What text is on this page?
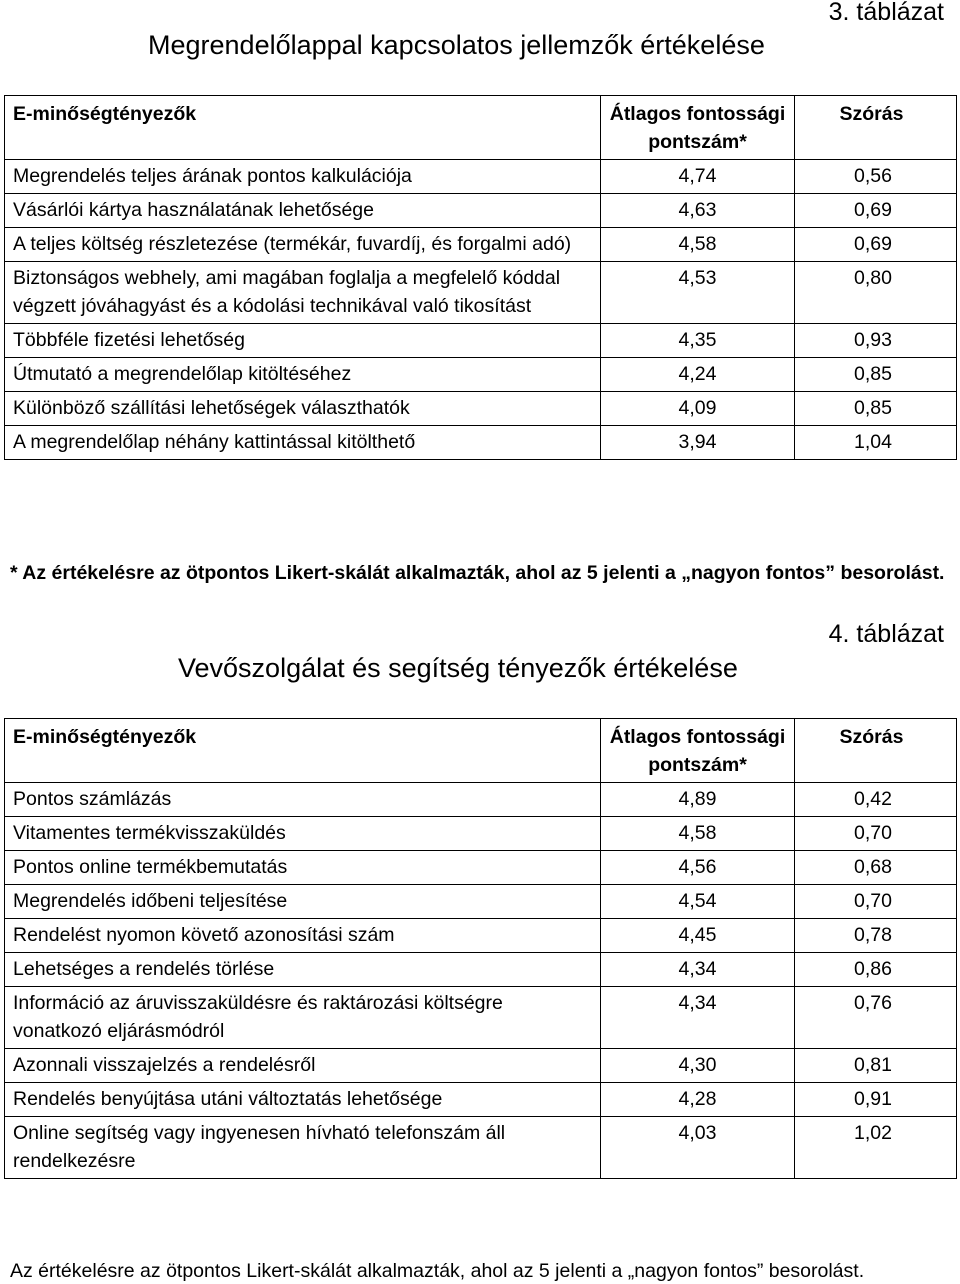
3. táblázat
Megrendelőlappal kapcsolatos jellemzők értékelése
E-minőségtényezők	Átlagos fontossági pontszám*	Szórás
Megrendelés teljes árának pontos kalkulációja	4,74	0,56
Vásárlói kártya használatának lehetősége	4,63	0,69
A teljes költség részletezése (termékár, fuvardíj, és forgalmi adó)	4,58	0,69
Biztonságos webhely, ami magában foglalja a megfelelő kóddal végzett jóváhagyást és a kódolási technikával való tikosítást	4,53	0,80
Többféle fizetési lehetőség	4,35	0,93
Útmutató a megrendelőlap kitöltéséhez	4,24	0,85
Különböző szállítási lehetőségek választhatók	4,09	0,85
A megrendelőlap néhány kattintással kitölthető	3,94	1,04
* Az értékelésre az ötpontos Likert-skálát alkalmazták, ahol az 5 jelenti a „nagyon fontos” besorolást.
4. táblázat
Vevőszolgálat és segítség tényezők értékelése
E-minőségtényezők	Átlagos fontossági pontszám*	Szórás
Pontos számlázás	4,89	0,42
Vitamentes termékvisszaküldés	4,58	0,70
Pontos online termékbemutatás	4,56	0,68
Megrendelés időbeni teljesítése	4,54	0,70
Rendelést nyomon követő azonosítási szám	4,45	0,78
Lehetséges a rendelés törlése	4,34	0,86
Információ az áruvisszaküldésre és raktározási költségre vonatkozó eljárásmódról	4,34	0,76
Azonnali visszajelzés a rendelésről	4,30	0,81
Rendelés benyújtása utáni változtatás lehetősége	4,28	0,91
Online segítség vagy ingyenesen hívható telefonszám áll rendelkezésre	4,03	1,02
Az értékelésre az ötpontos Likert-skálát alkalmazták, ahol az 5 jelenti a „nagyon fontos” besorolást.
